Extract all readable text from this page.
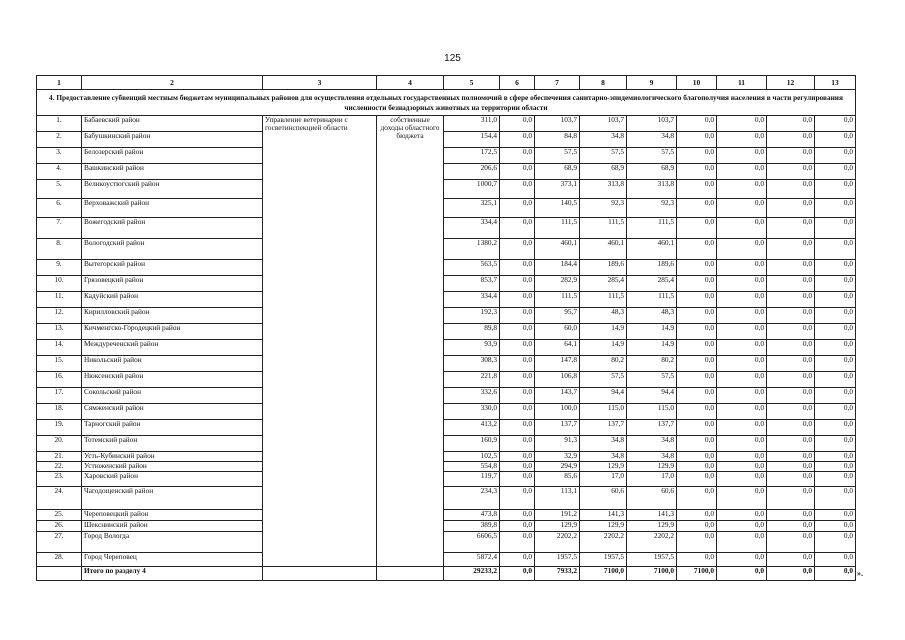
125
1	2	3	4	5	6	7	8	9	10	11	12	13
4. Предоставление субвенций местным бюджетам муниципальных районов для осуществления отдельных государственных полномочий в сфере обеспечения санитарно-эпидемиологического благополучия населения в части регулирования численности безнадзорных животных на территории области												
1.	Бабаевский район	Управление ветеринарии с госветинспекцией области	собственные доходы областного бюджета	311,0	0,0	103,7	103,7	103,7	0,0	0,0	0,0	0,0
2.	Бабушкинский район			154,4	0,0	84,8	34,8	34,8	0,0	0,0	0,0	0,0
3.	Белозерский район			172,5	0,0	57,5	57,5	57,5	0,0	0,0	0,0	0,0
4.	Вашкинский район			206,6	0,0	68,9	68,9	68,9	0,0	0,0	0,0	0,0
5.	Великоустюгский район			1000,7	0,0	373,1	313,8	313,8	0,0	0,0	0,0	0,0
6.	Верховажский район			325,1	0,0	140,5	92,3	92,3	0,0	0,0	0,0	0,0
7.	Вожегодский район			334,4	0,0	111,5	111,5	111,5	0,0	0,0	0,0	0,0
8.	Вологодский район			1380,2	0,0	460,1	460,1	460,1	0,0	0,0	0,0	0,0
9.	Вытегорский район			563,5	0,0	184,4	189,6	189,6	0,0	0,0	0,0	0,0
10.	Грязовецкий район			853,7	0,0	282,9	285,4	285,4	0,0	0,0	0,0	0,0
11.	Кадуйский район			334,4	0,0	111,5	111,5	111,5	0,0	0,0	0,0	0,0
12.	Кирилловский район			192,3	0,0	95,7	48,3	48,3	0,0	0,0	0,0	0,0
13.	Кичменгско-Городецкий район			89,8	0,0	60,0	14,9	14,9	0,0	0,0	0,0	0,0
14.	Междуреченский район			93,9	0,0	64,1	14,9	14,9	0,0	0,0	0,0	0,0
15.	Никольский район			308,3	0,0	147,8	80,2	80,2	0,0	0,0	0,0	0,0
16.	Нюксенский район			221,8	0,0	106,8	57,5	57,5	0,0	0,0	0,0	0,0
17.	Сокольский район			332,6	0,0	143,7	94,4	94,4	0,0	0,0	0,0	0,0
18.	Сямженский район			330,0	0,0	100,0	115,0	115,0	0,0	0,0	0,0	0,0
19.	Тарногский район			413,2	0,0	137,7	137,7	137,7	0,0	0,0	0,0	0,0
20.	Тотемский район			160,9	0,0	91,3	34,8	34,8	0,0	0,0	0,0	0,0
21.	Усть-Кубинский район			102,5	0,0	32,9	34,8	34,8	0,0	0,0	0,0	0,0
22.	Устюженский район			554,8	0,0	294,9	129,9	129,9	0,0	0,0	0,0	0,0
23.	Харовский район			119,7	0,0	85,6	17,0	17,0	0,0	0,0	0,0	0,0
24.	Чагодощенский район			234,3	0,0	113,1	60,6	60,6	0,0	0,0	0,0	0,0
25.	Череповецкий район			473,8	0,0	191,2	141,3	141,3	0,0	0,0	0,0	0,0
26.	Шекснинский район			389,8	0,0	129,9	129,9	129,9	0,0	0,0	0,0	0,0
27.	Город Вологда			6606,5	0,0	2202,2	2202,2	2202,2	0,0	0,0	0,0	0,0
28.	Город Череповец			5872,4	0,0	1957,5	1957,5	1957,5	0,0	0,0	0,0	0,0
	Итого по разделу 4			29233,2	0,0	7933,2	7100,0	7100,0	7100,0	0,0	0,0	0,0 ».
